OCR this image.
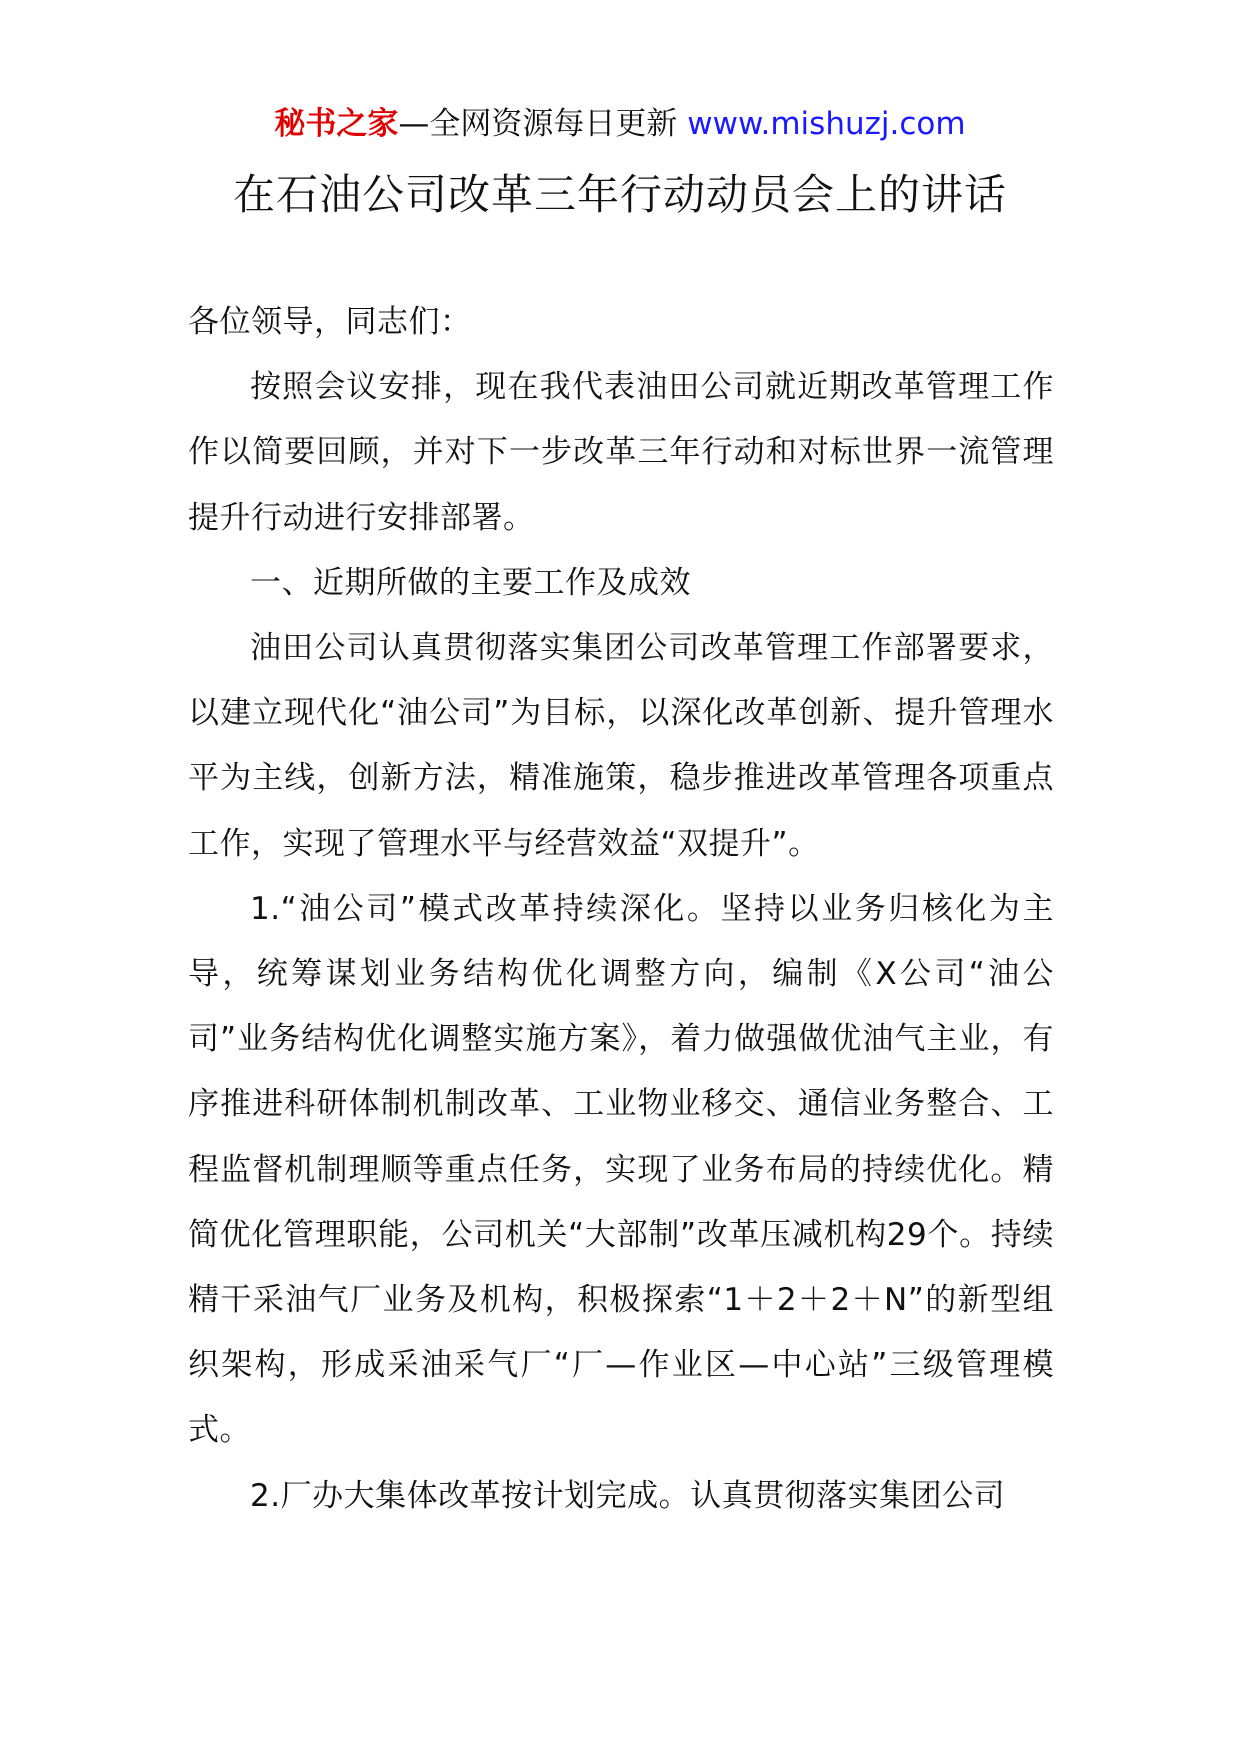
秘书之家—全网资源每日更新 www.mishuzj.com
在石油公司改革三年行动动员会上的讲话

各位领导，同志们：

按照会议安排，现在我代表油田公司就近期改革管理工作作以简要回顾，并对下一步改革三年行动和对标世界一流管理提升行动进行安排部署。

一、近期所做的主要工作及成效

油田公司认真贯彻落实集团公司改革管理工作部署要求，以建立现代化“油公司”为目标，以深化改革创新、提升管理水平为主线，创新方法，精准施策，稳步推进改革管理各项重点工作，实现了管理水平与经营效益“双提升”。

1.“油公司”模式改革持续深化。坚持以业务归核化为主导，统筹谋划业务结构优化调整方向，编制《X公司“油公司”业务结构优化调整实施方案》，着力做强做优油气主业，有序推进科研体制机制改革、工业物业移交、通信业务整合、工程监督机制理顺等重点任务，实现了业务布局的持续优化。精简优化管理职能，公司机关“大部制”改革压减机构29个。持续精干采油气厂业务及机构，积极探索“1＋2＋2＋N”的新型组织架构，形成采油采气厂“厂—作业区—中心站”三级管理模式。

2.厂办大集体改革按计划完成。认真贯彻落实集团公司
